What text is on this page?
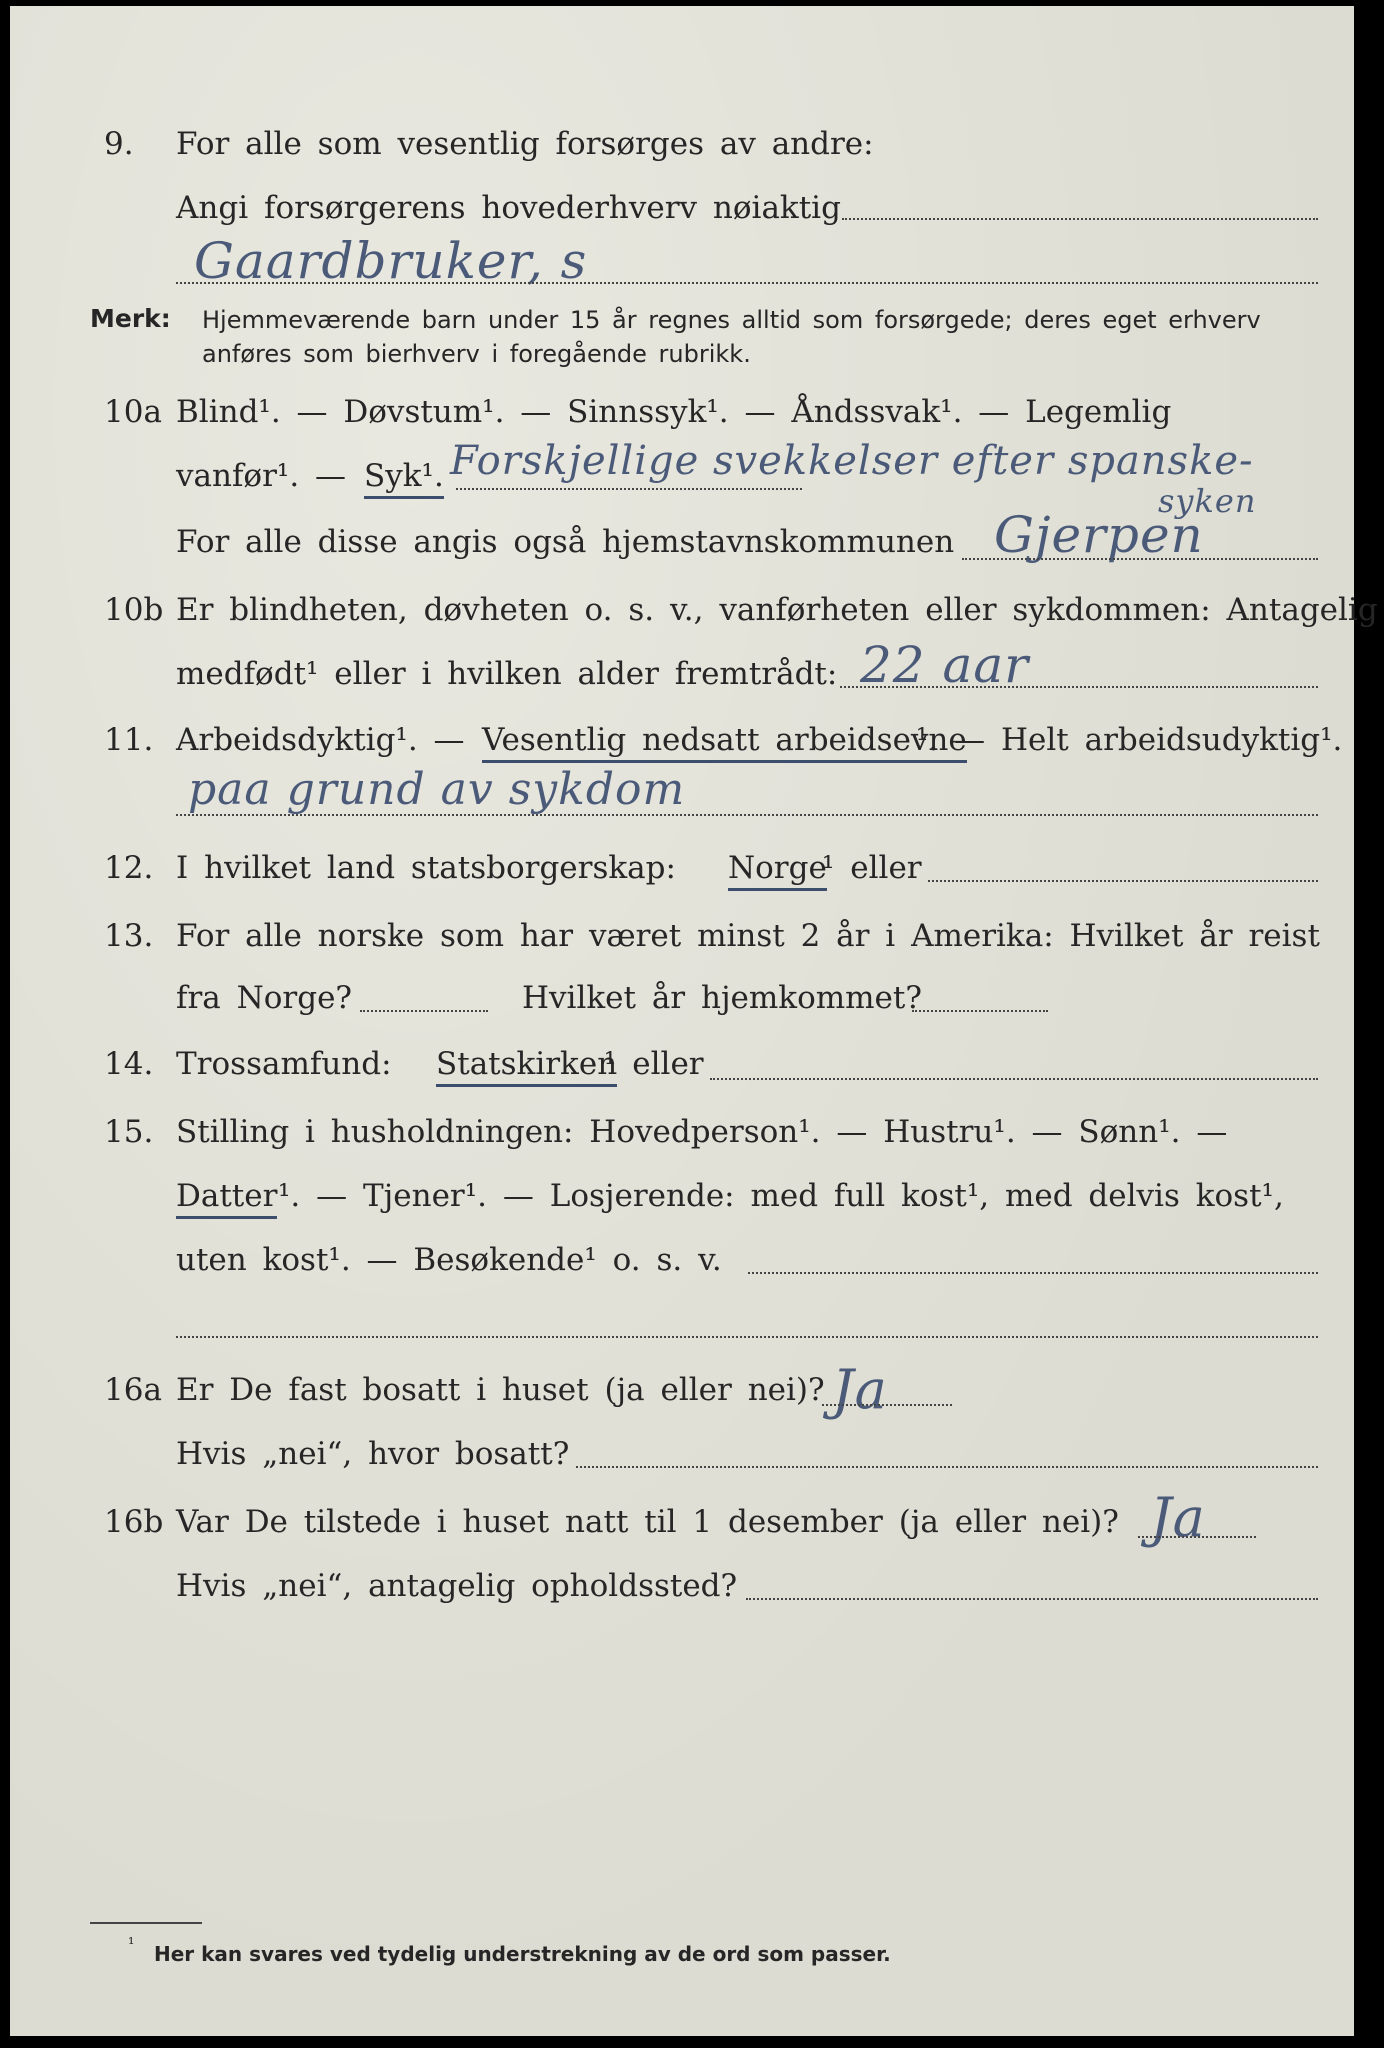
9. For alle som vesentlig forsørges av andre:
Angi forsørgerens hovederhverv nøiaktig
Gaardbruker, s
Merk: Hjemmeværende barn under 15 år regnes alltid som forsørgede; deres eget erhverv
anføres som bierhverv i foregående rubrikk.
10a Blind¹. — Døvstum¹. — Sinnssyk¹. — Åndssvak¹. — Legemlig
vanfør¹. — Syk¹. Forskjellige svekkelser efter spanske-
syken
For alle disse angis også hjemstavnskommunen Gjerpen
10b Er blindheten, døvheten o. s. v., vanførheten eller sykdommen: Antagelig
medfødt¹ eller i hvilken alder fremtrådt: 22 aar
11. Arbeidsdyktig¹. — Vesentlig nedsatt arbeidsevne
¹. — Helt arbeidsudyktig¹.
paa grund av sykdom
12. I hvilket land statsborgerskap: Norge
¹ eller
13. For alle norske som har været minst 2 år i Amerika: Hvilket år reist
fra Norge?	Hvilket år hjemkommet?
14. Trossamfund: Statskirken
¹ eller
15. Stilling i husholdningen: Hovedperson¹. — Hustru¹. — Sønn¹. —
Datter ¹. — Tjener¹. — Losjerende: med full kost¹, med delvis kost¹,
uten kost¹. — Besøkende¹ o. s. v.
16a Er De fast bosatt i huset (ja eller nei)? Ja
Hvis „nei“, hvor bosatt?
16b Var De tilstede i huset natt til 1 desember (ja eller nei)? Ja
Hvis „nei“, antagelig opholdssted?
¹ Her kan svares ved tydelig understrekning av de ord som passer.
